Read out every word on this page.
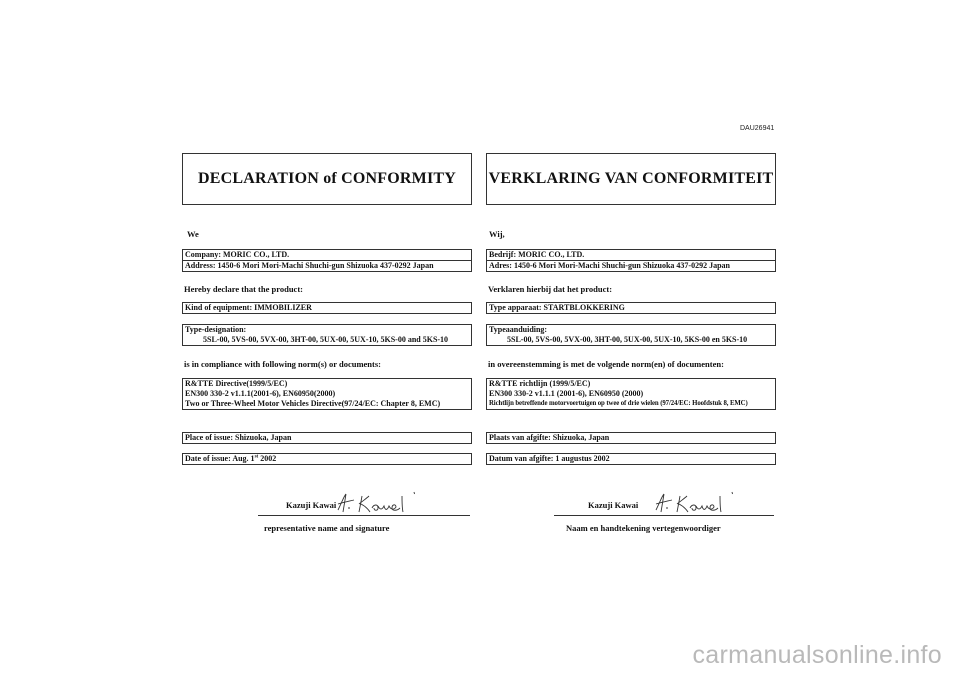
DAU26941
DECLARATION of CONFORMITY
We
Company: MORIC CO., LTD.
Address: 1450-6 Mori Mori-Machi Shuchi-gun Shizuoka 437-0292 Japan
Hereby declare that the product:
Kind of equipment: IMMOBILIZER
Type-designation:
5SL-00, 5VS-00, 5VX-00, 3HT-00, 5UX-00, 5UX-10, 5KS-00 and 5KS-10
is in compliance with following norm(s) or documents:
R&TTE Directive(1999/5/EC)
EN300 330-2 v1.1.1(2001-6), EN60950(2000)
Two or Three-Wheel Motor Vehicles Directive(97/24/EC: Chapter 8, EMC)
Place of issue: Shizuoka, Japan
Date of issue: Aug. 1st 2002
Kazuji Kawai
representative name and signature
VERKLARING VAN CONFORMITEIT
Wij,
Bedrijf: MORIC CO., LTD.
Adres: 1450-6 Mori Mori-Machi Shuchi-gun Shizuoka 437-0292 Japan
Verklaren hierbij dat het product:
Type apparaat: STARTBLOKKERING
Typeaanduiding:
5SL-00, 5VS-00, 5VX-00, 3HT-00, 5UX-00, 5UX-10, 5KS-00 en 5KS-10
in overeenstemming is met de volgende norm(en) of documenten:
R&TTE richtlijn (1999/5/EC)
EN300 330-2 v1.1.1 (2001-6), EN60950 (2000)
Richtlijn betreffende motorvoertuigen op twee of drie wielen (97/24/EC: Hoofdstuk 8, EMC)
Plaats van afgifte: Shizuoka, Japan
Datum van afgifte: 1 augustus 2002
Kazuji Kawai
Naam en handtekening vertegenwoordiger
carmanualsonline.info
